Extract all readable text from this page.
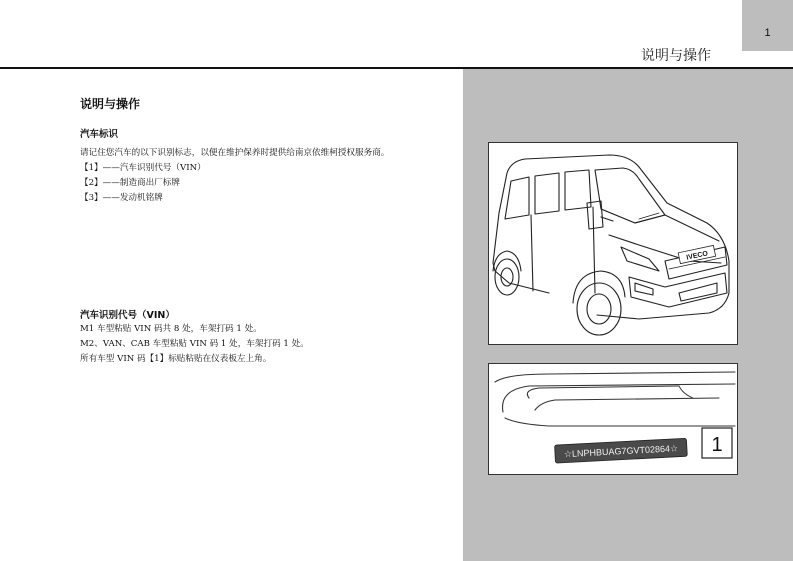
1
说明与操作
说明与操作
汽车标识
请记住您汽车的以下识别标志，以便在维护保养时提供给南京依维柯授权服务商。
【1】——汽车识别代号（VIN）
【2】——制造商出厂标牌
【3】——发动机铭牌
汽车识别代号（VIN）
M1 车型粘贴 VIN 码共 8 处，车架打码 1 处。
M2、VAN、CAB 车型粘贴 VIN 码 1 处，车架打码 1 处。
所有车型 VIN 码【1】标贴粘贴在仪表板左上角。
IVECO
☆LNPHBUAG7GVT02864☆ 1
